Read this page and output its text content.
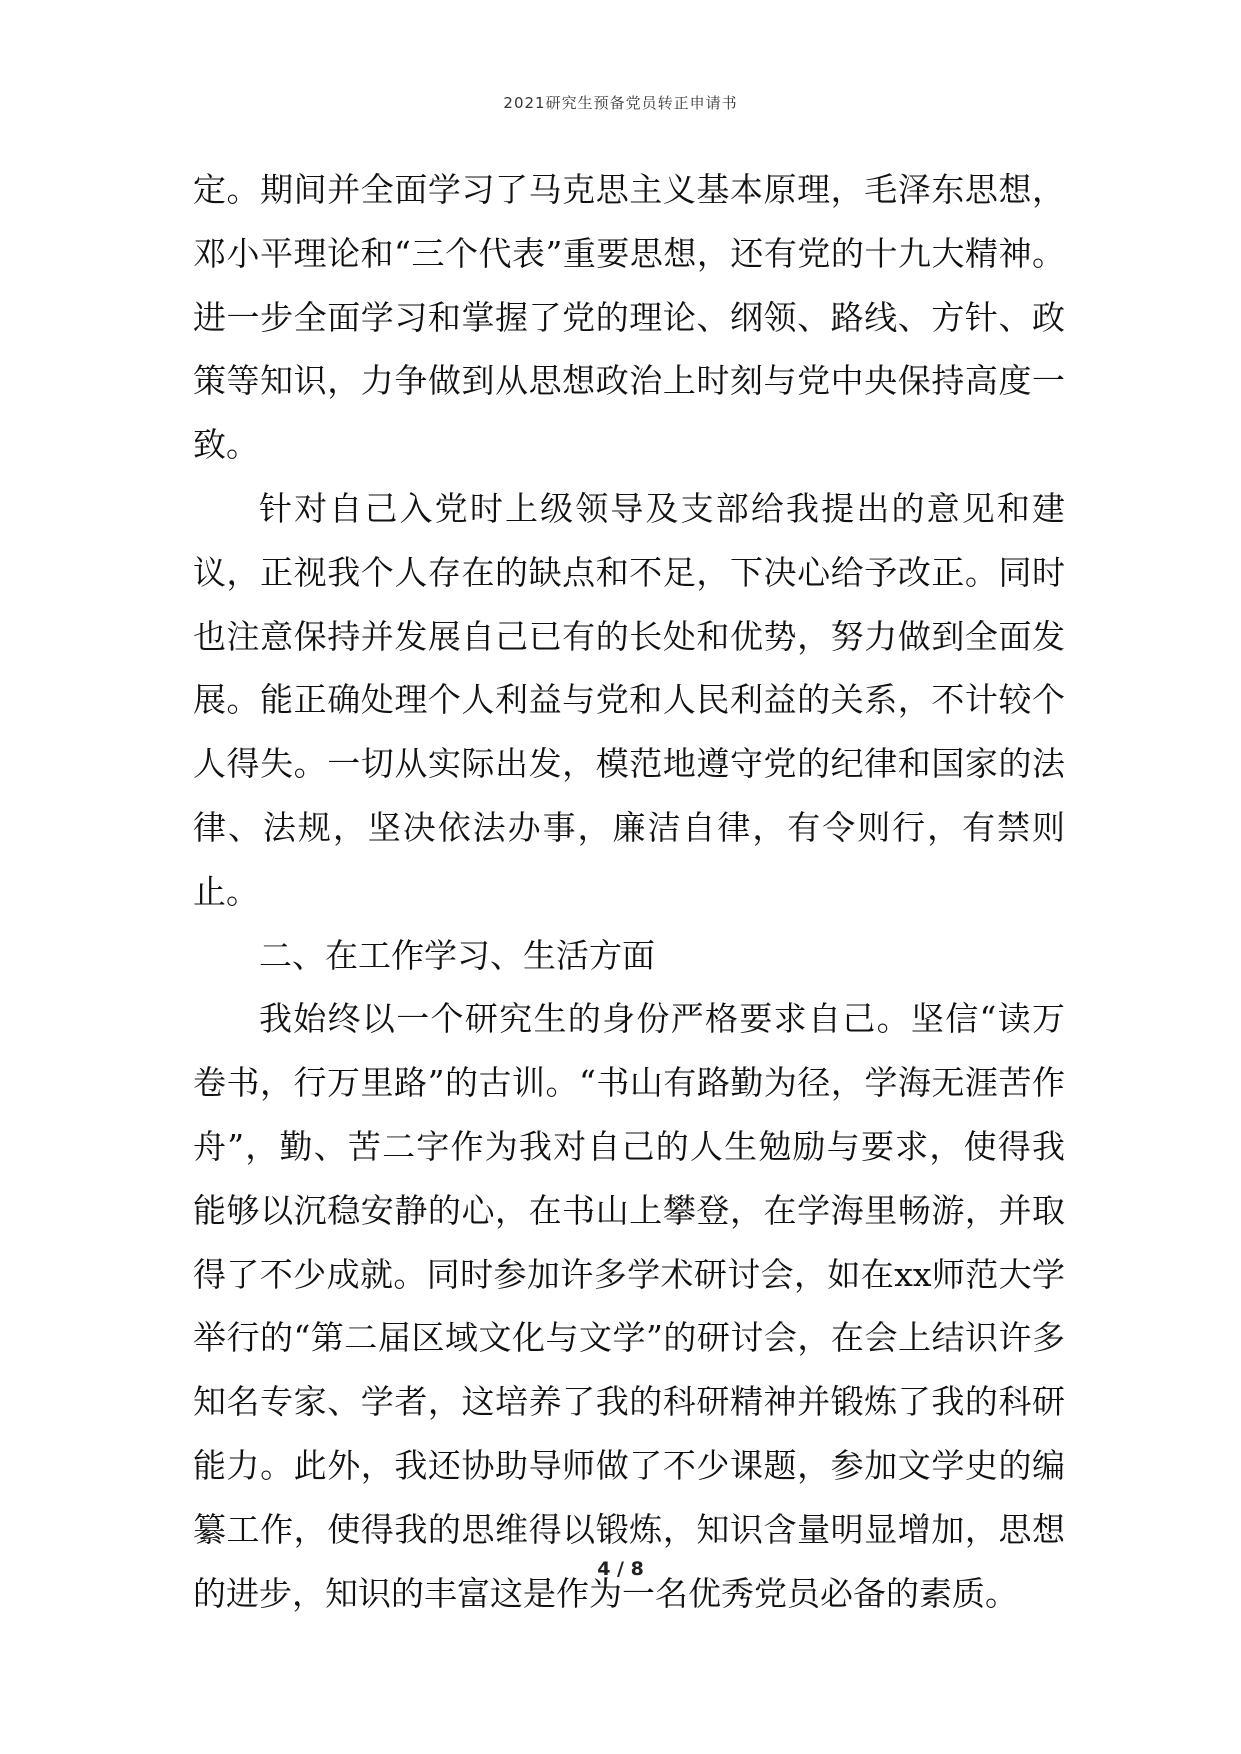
2021研究生预备党员转正申请书

定。期间并全面学习了马克思主义基本原理，毛泽东思想，邓小平理论和“三个代表”重要思想，还有党的十九大精神。进一步全面学习和掌握了党的理论、纲领、路线、方针、政策等知识，力争做到从思想政治上时刻与党中央保持高度一致。

针对自己入党时上级领导及支部给我提出的意见和建议，正视我个人存在的缺点和不足，下决心给予改正。同时也注意保持并发展自己已有的长处和优势，努力做到全面发展。能正确处理个人利益与党和人民利益的关系，不计较个人得失。一切从实际出发，模范地遵守党的纪律和国家的法律、法规，坚决依法办事，廉洁自律，有令则行，有禁则止。

二、在工作学习、生活方面

我始终以一个研究生的身份严格要求自己。坚信“读万卷书，行万里路”的古训。“书山有路勤为径，学海无涯苦作舟”，勤、苦二字作为我对自己的人生勉励与要求，使得我能够以沉稳安静的心，在书山上攀登，在学海里畅游，并取得了不少成就。同时参加许多学术研讨会，如在xx师范大学举行的“第二届区域文化与文学”的研讨会，在会上结识许多知名专家、学者，这培养了我的科研精神并锻炼了我的科研能力。此外，我还协助导师做了不少课题，参加文学史的编纂工作，使得我的思维得以锻炼，知识含量明显增加，思想的进步，知识的丰富这是作为一名优秀党员必备的素质。

4 / 8
